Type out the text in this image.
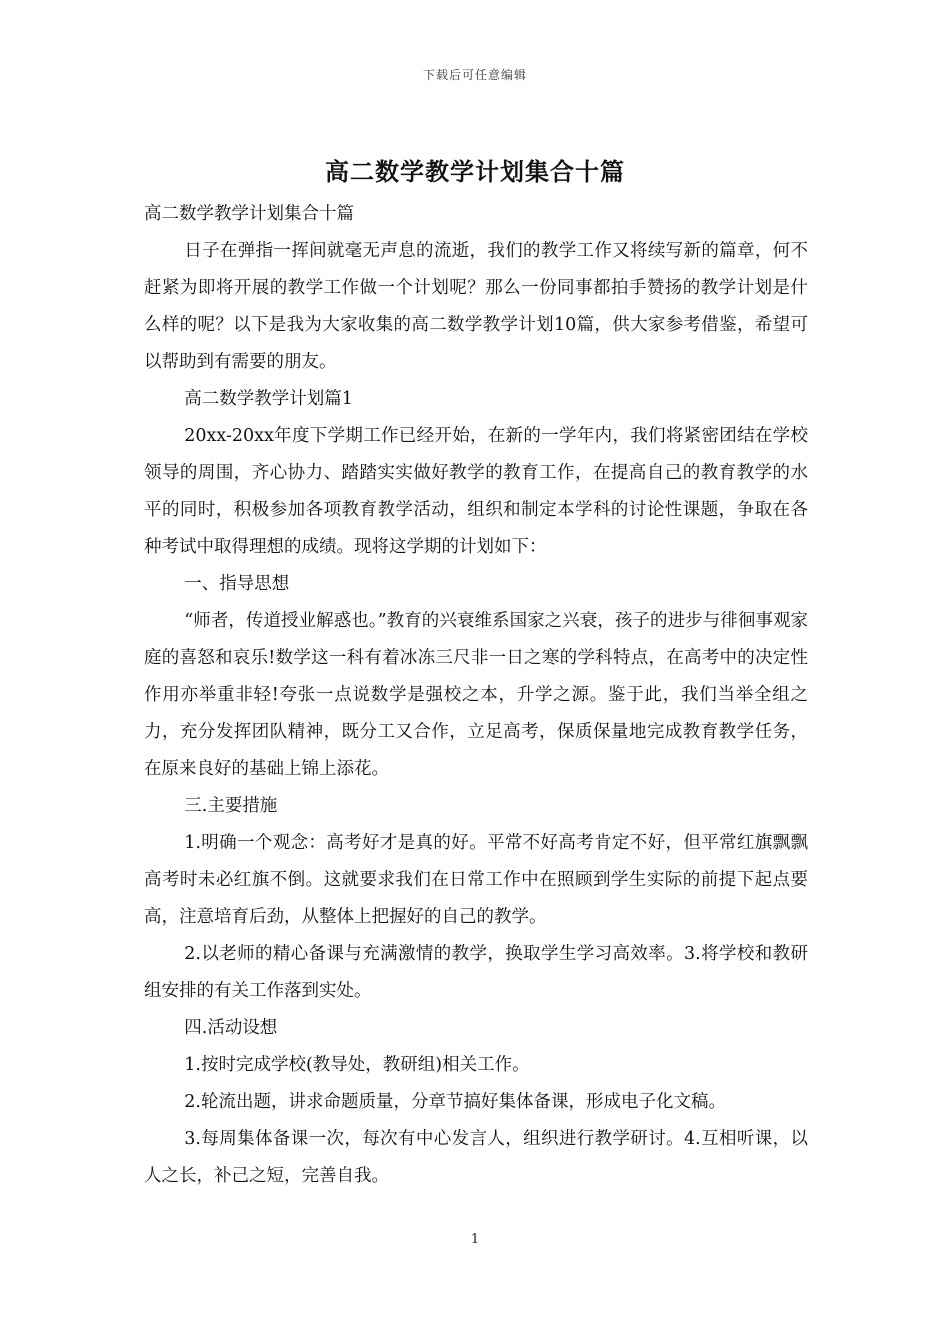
下载后可任意编辑
高二数学教学计划集合十篇

高二数学教学计划集合十篇

日子在弹指一挥间就毫无声息的流逝，我们的教学工作又将续写新的篇章，何不赶紧为即将开展的教学工作做一个计划呢？那么一份同事都拍手赞扬的教学计划是什么样的呢？以下是我为大家收集的高二数学教学计划10篇，供大家参考借鉴，希望可以帮助到有需要的朋友。

高二数学教学计划篇1

20xx-20xx年度下学期工作已经开始，在新的一学年内，我们将紧密团结在学校领导的周围，齐心协力、踏踏实实做好教学的教育工作，在提高自己的教育教学的水平的同时，积极参加各项教育教学活动，组织和制定本学科的讨论性课题，争取在各种考试中取得理想的成绩。现将这学期的计划如下：

一、指导思想

“师者，传道授业解惑也。”教育的兴衰维系国家之兴衰，孩子的进步与徘徊事观家庭的喜怒和哀乐!数学这一科有着冰冻三尺非一日之寒的学科特点，在高考中的决定性作用亦举重非轻!夸张一点说数学是强校之本，升学之源。鉴于此，我们当举全组之力，充分发挥团队精神，既分工又合作，立足高考，保质保量地完成教育教学任务，在原来良好的基础上锦上添花。

三.主要措施

1.明确一个观念：高考好才是真的好。平常不好高考肯定不好，但平常红旗飘飘高考时未必红旗不倒。这就要求我们在日常工作中在照顾到学生实际的前提下起点要高，注意培育后劲，从整体上把握好的自己的教学。

2.以老师的精心备课与充满激情的教学，换取学生学习高效率。3.将学校和教研组安排的有关工作落到实处。

四.活动设想

1.按时完成学校(教导处，教研组)相关工作。

2.轮流出题，讲求命题质量，分章节搞好集体备课，形成电子化文稿。

3.每周集体备课一次，每次有中心发言人，组织进行教学研讨。4.互相听课，以人之长，补己之短，完善自我。

1
